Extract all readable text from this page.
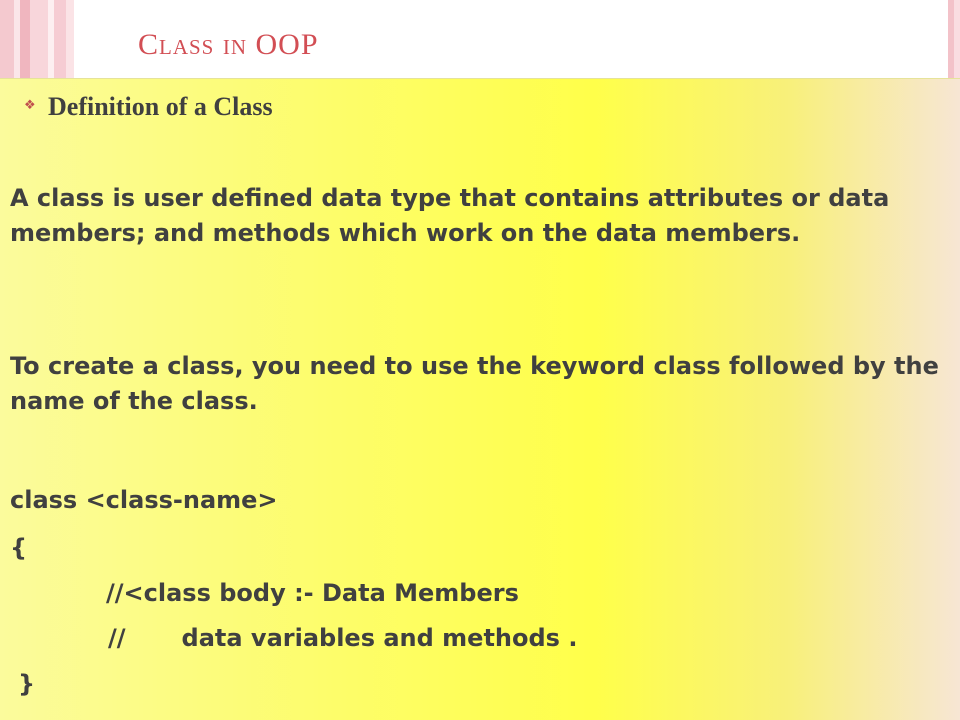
Class in OOP
❖ Definition of a Class
A class is user defined data type that contains attributes or data members; and methods which work on the data members.
To create a class, you need to use the keyword class followed by the name of the class.
class <class-name>
{
//<class body :- Data Members
// data variables and methods .
}
